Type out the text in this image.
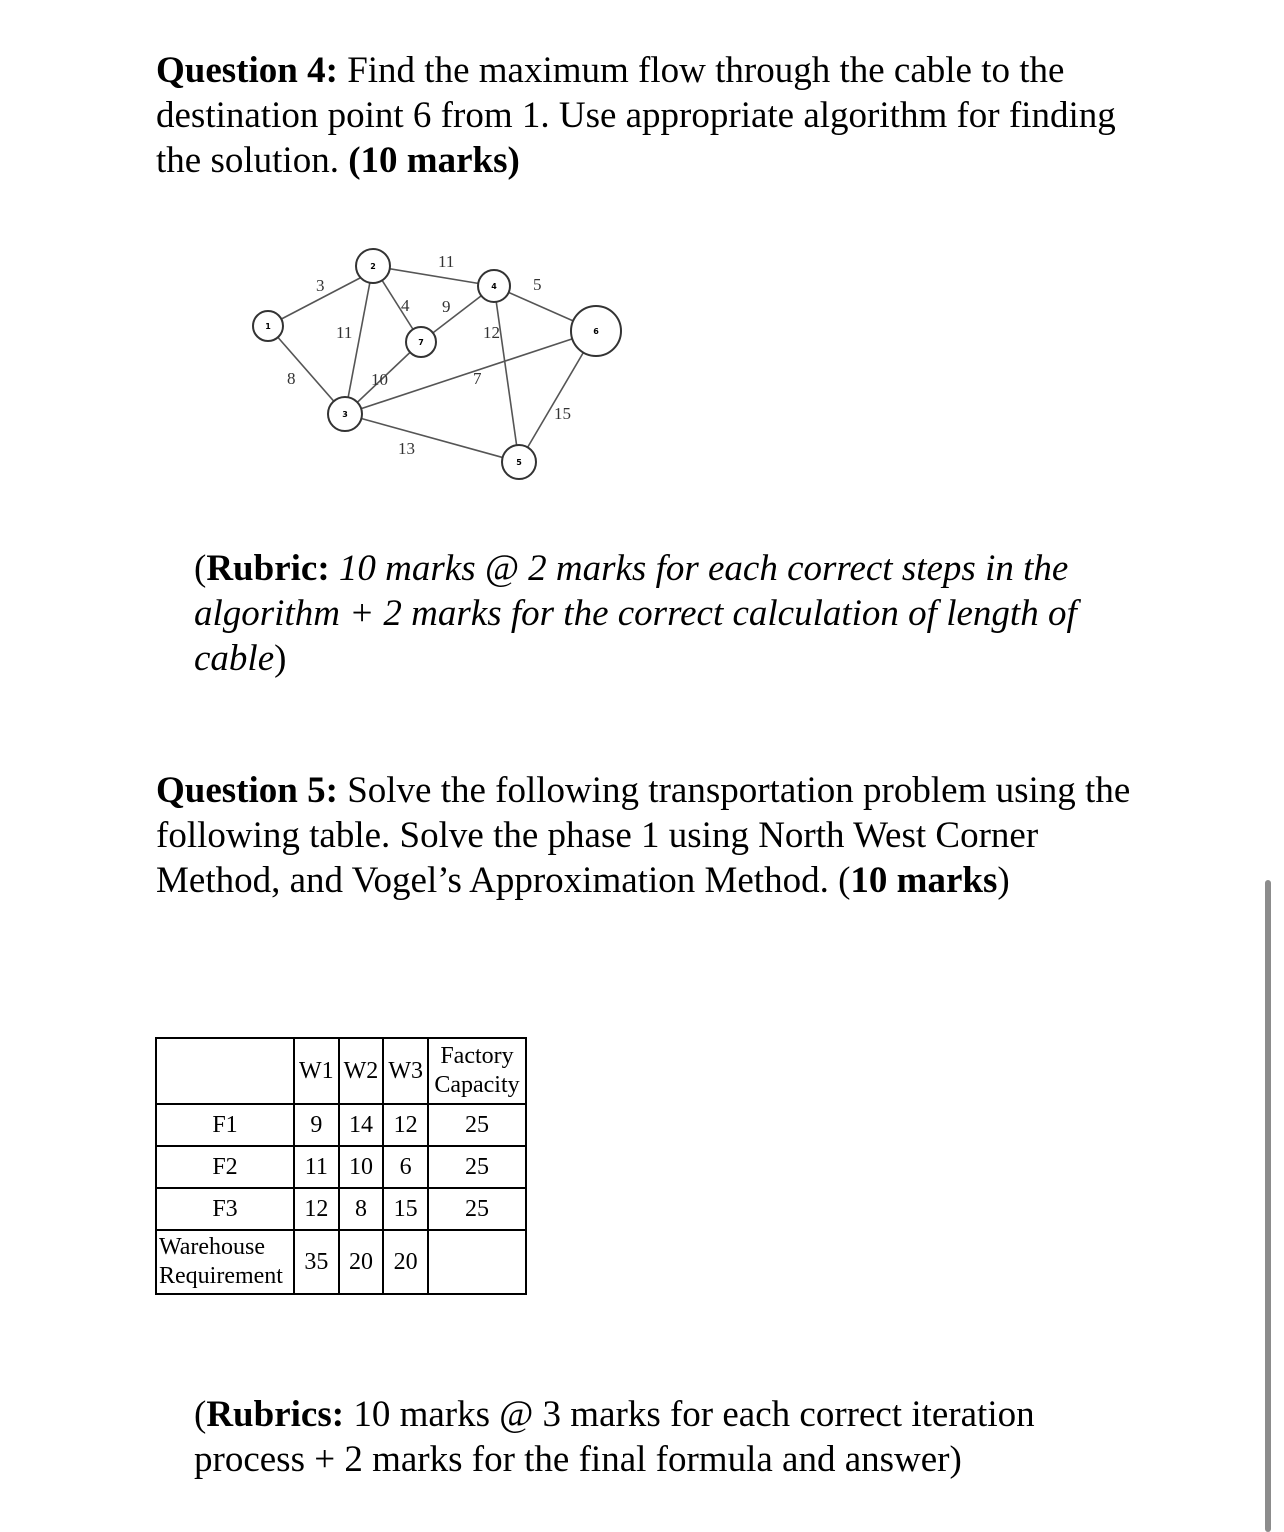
Question 4: Find the maximum flow through the cable to the destination point 6 from 1. Use appropriate algorithm for finding the solution. (10 marks)

1
2
3
4
5
6
7
3
11
8
4
11
9
5
12
10	7
13
15

(Rubric: 10 marks @ 2 marks for each correct steps in the algorithm + 2 marks for the correct calculation of length of cable)

Question 5: Solve the following transportation problem using the following table. Solve the phase 1 using North West Corner Method, and Vogel’s Approximation Method. (10 marks)

	W1	W2	W3	Factory Capacity
F1	9	14	12	25
F2	11	10	6	25
F3	12	8	15	25
Warehouse Requirement	35	20	20	

(Rubrics: 10 marks @ 3 marks for each correct iteration process + 2 marks for the final formula and answer)
